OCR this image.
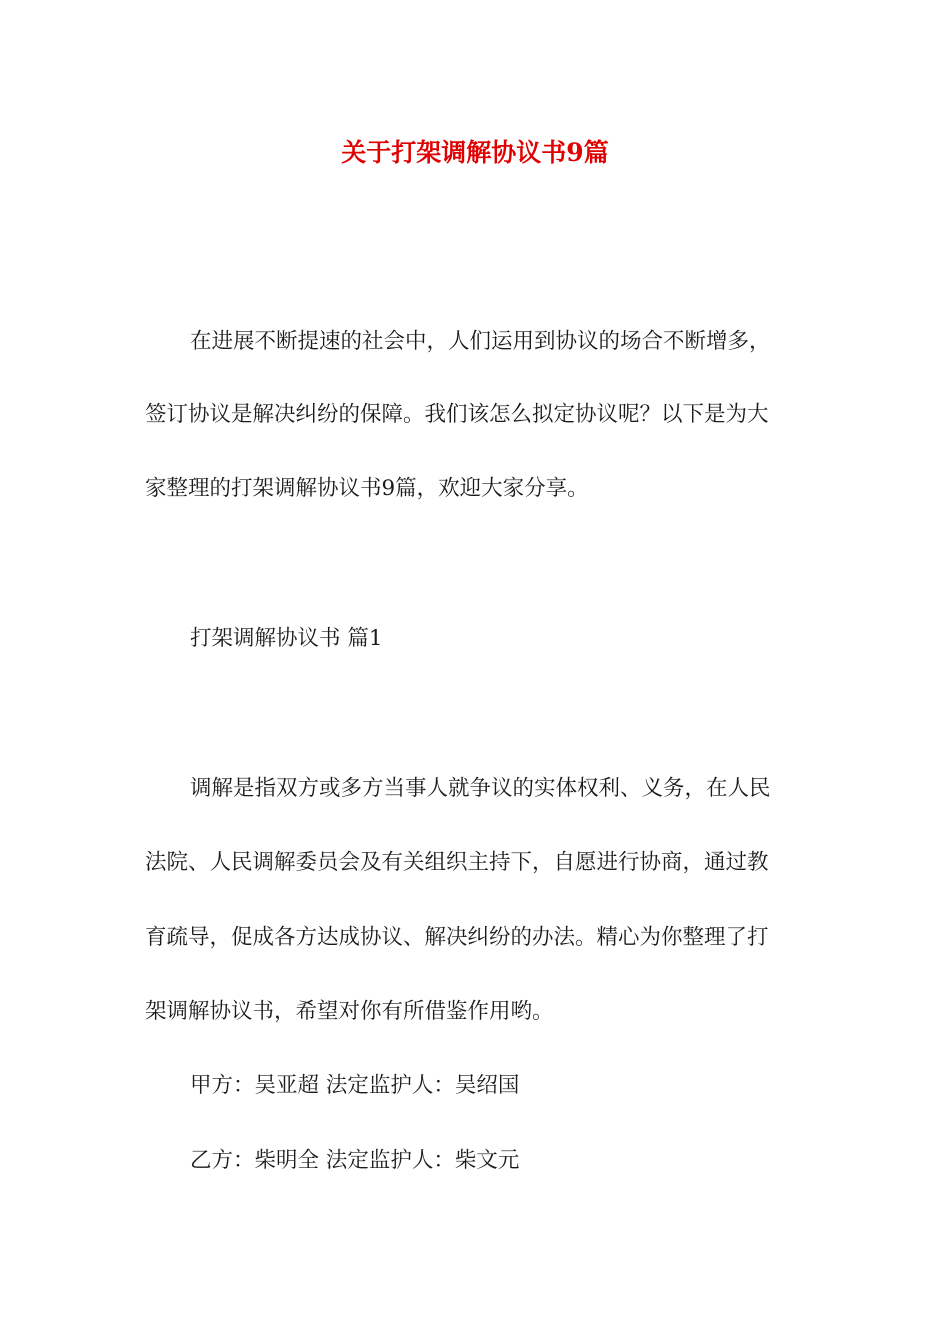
关于打架调解协议书9篇

在进展不断提速的社会中，人们运用到协议的场合不断增多，

签订协议是解决纠纷的保障。我们该怎么拟定协议呢？以下是为大

家整理的打架调解协议书9篇，欢迎大家分享。

打架调解协议书 篇1

调解是指双方或多方当事人就争议的实体权利、义务，在人民

法院、人民调解委员会及有关组织主持下，自愿进行协商，通过教

育疏导，促成各方达成协议、解决纠纷的办法。精心为你整理了打

架调解协议书，希望对你有所借鉴作用哟。

甲方：吴亚超 法定监护人：吴绍国

乙方：柴明全 法定监护人：柴文元
